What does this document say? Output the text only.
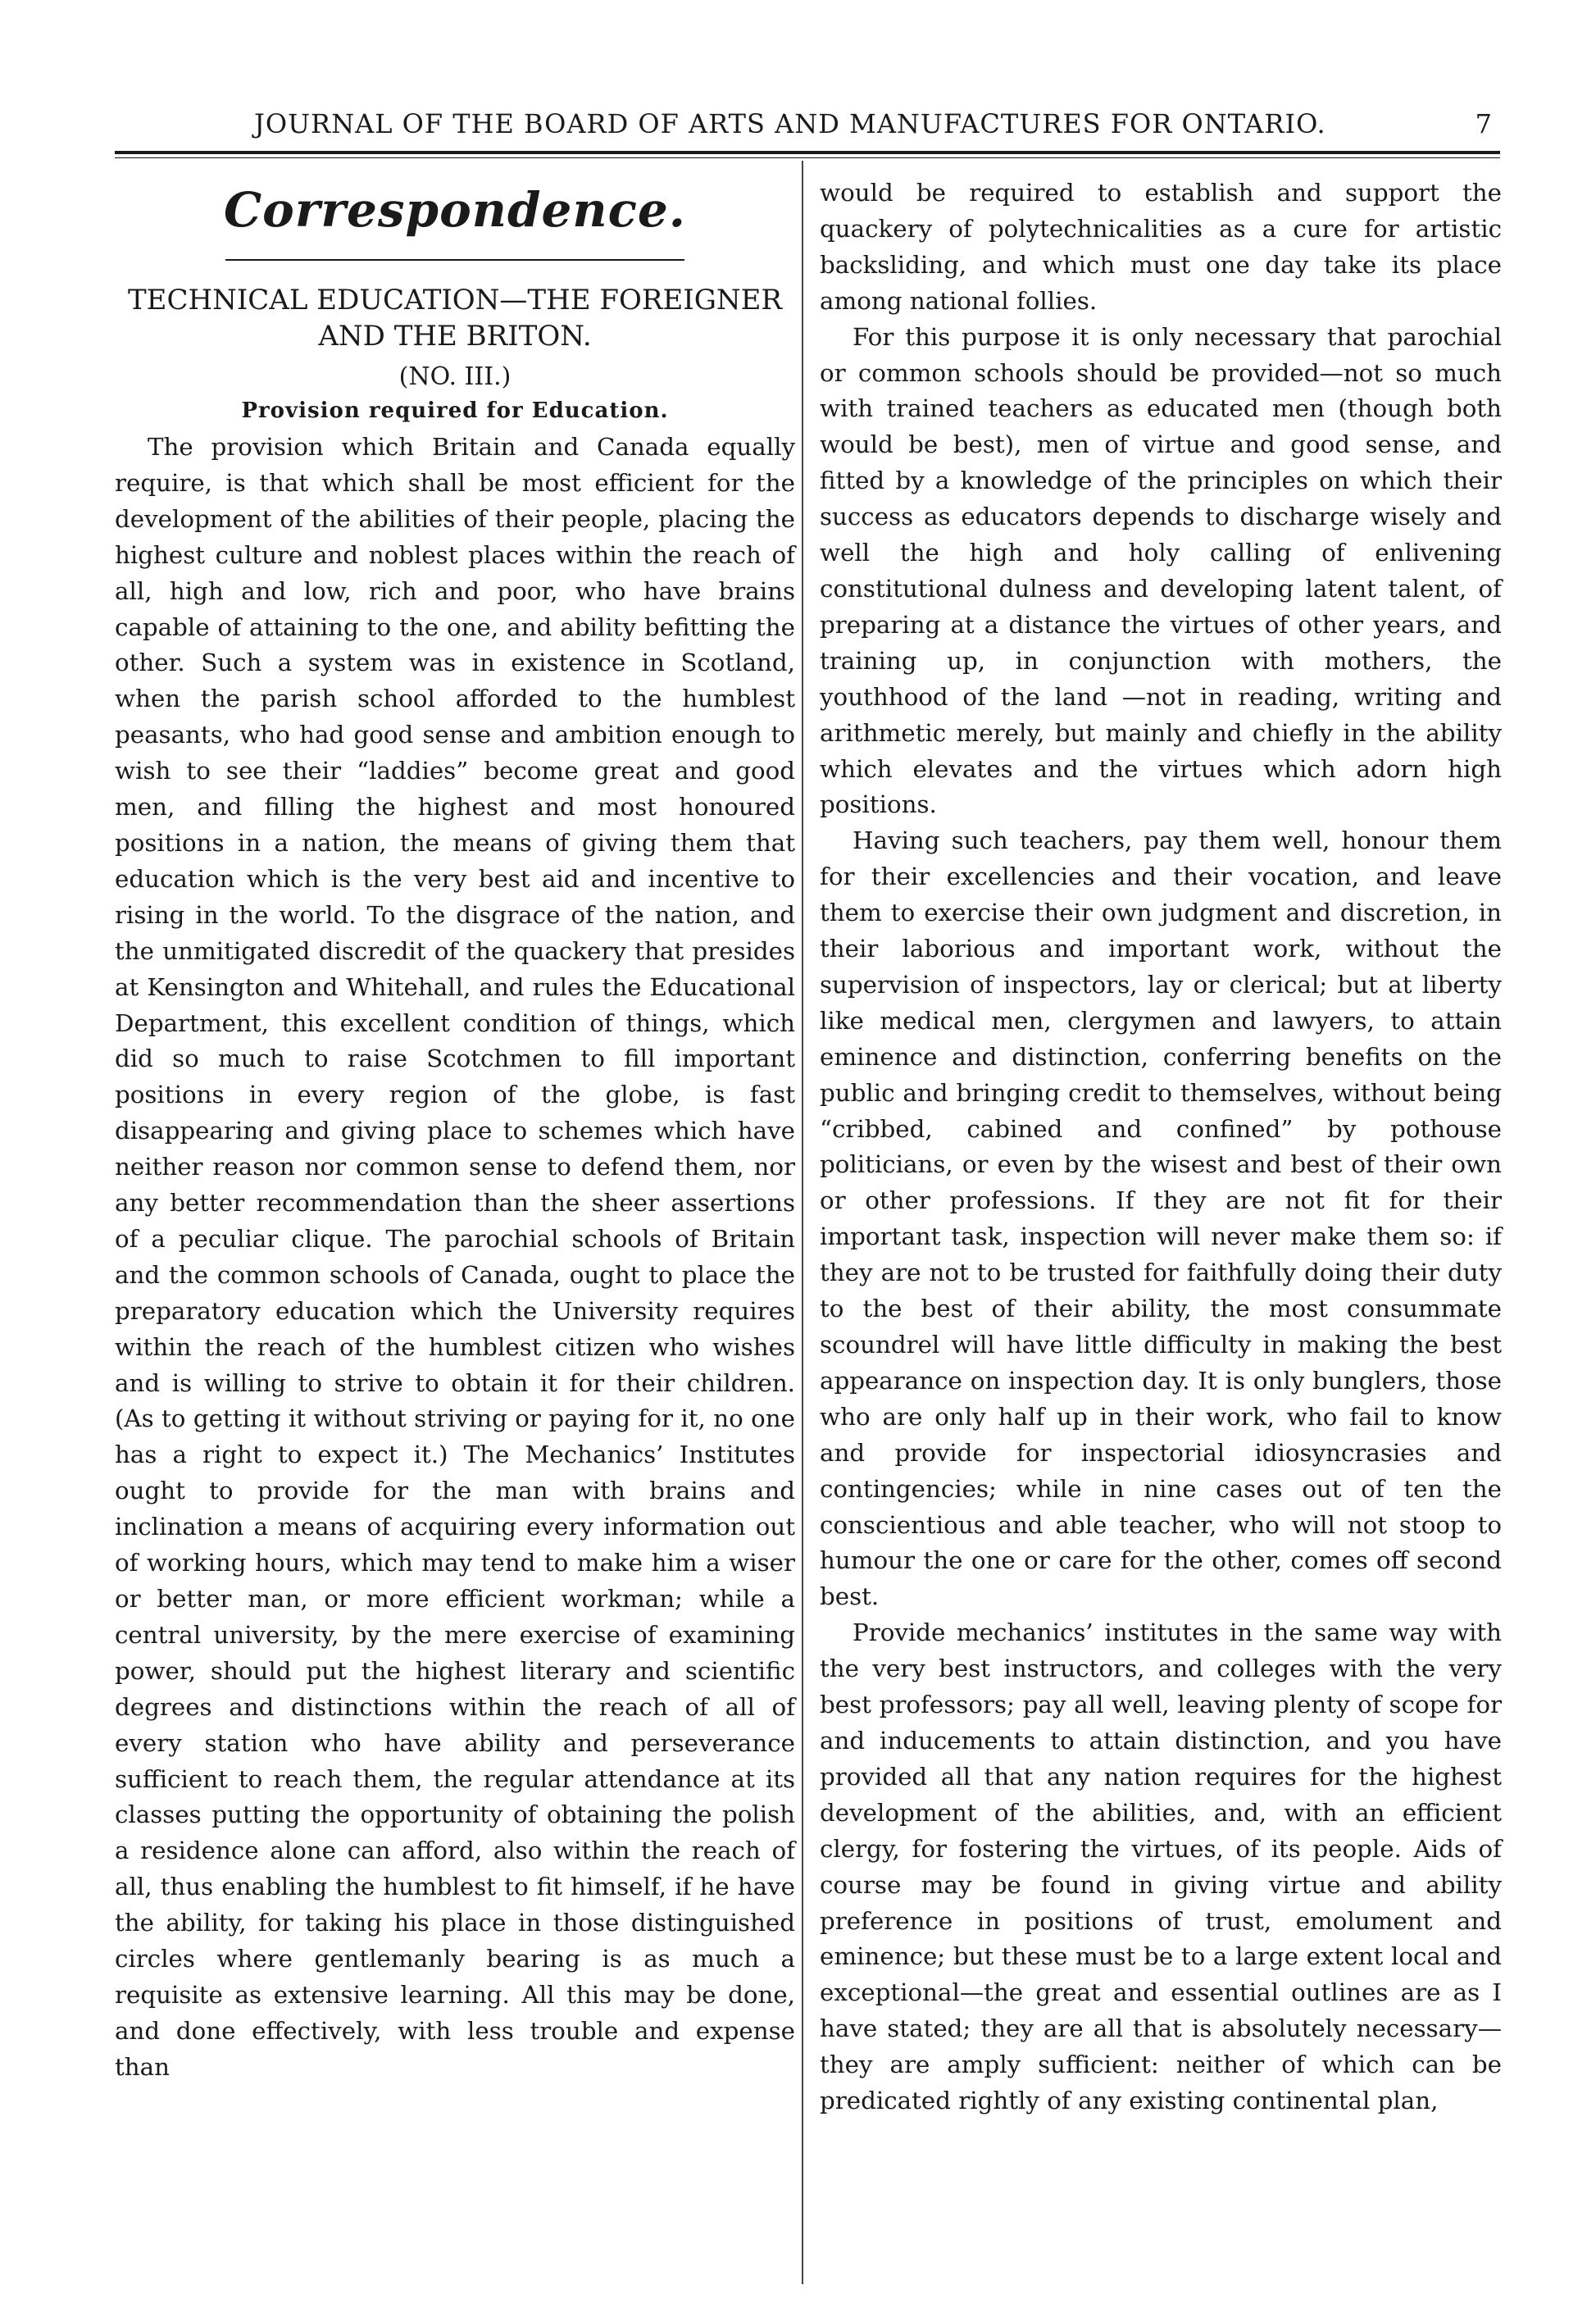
JOURNAL OF THE BOARD OF ARTS AND MANUFACTURES FOR ONTARIO.	7
Correspondence.

TECHNICAL EDUCATION—THE FOREIGNER AND THE BRITON.

(NO. III.)

Provision required for Education.

The provision which Britain and Canada equally require, is that which shall be most efficient for the development of the abilities of their people, placing the highest culture and noblest places within the reach of all, high and low, rich and poor, who have brains capable of attaining to the one, and ability befitting the other. Such a system was in existence in Scotland, when the parish school afforded to the humblest peasants, who had good sense and ambition enough to wish to see their “laddies” become great and good men, and filling the highest and most honoured positions in a nation, the means of giving them that education which is the very best aid and incentive to rising in the world. To the disgrace of the nation, and the unmitigated discredit of the quackery that presides at Kensington and Whitehall, and rules the Educational Department, this excellent condition of things, which did so much to raise Scotchmen to fill important positions in every region of the globe, is fast disappearing and giving place to schemes which have neither reason nor common sense to defend them, nor any better recommendation than the sheer assertions of a peculiar clique. The parochial schools of Britain and the common schools of Canada, ought to place the preparatory education which the University requires within the reach of the humblest citizen who wishes and is willing to strive to obtain it for their children. (As to getting it without striving or paying for it, no one has a right to expect it.) The Mechanics’ Institutes ought to provide for the man with brains and inclination a means of acquiring every information out of working hours, which may tend to make him a wiser or better man, or more efficient workman; while a central university, by the mere exercise of examining power, should put the highest literary and scientific degrees and distinctions within the reach of all of every station who have ability and perseverance sufficient to reach them, the regular attendance at its classes putting the opportunity of obtaining the polish a residence alone can afford, also within the reach of all, thus enabling the humblest to fit himself, if he have the ability, for taking his place in those distinguished circles where gentlemanly bearing is as much a requisite as extensive learning. All this may be done, and done effectively, with less trouble and expense than

would be required to establish and support the quackery of polytechnicalities as a cure for artistic backsliding, and which must one day take its place among national follies.

For this purpose it is only necessary that parochial or common schools should be provided—not so much with trained teachers as educated men (though both would be best), men of virtue and good sense, and fitted by a knowledge of the principles on which their success as educators depends to discharge wisely and well the high and holy calling of enlivening constitutional dulness and developing latent talent, of preparing at a distance the virtues of other years, and training up, in conjunction with mothers, the youthhood of the land —not in reading, writing and arithmetic merely, but mainly and chiefly in the ability which elevates and the virtues which adorn high positions.

Having such teachers, pay them well, honour them for their excellencies and their vocation, and leave them to exercise their own judgment and discretion, in their laborious and important work, without the supervision of inspectors, lay or clerical; but at liberty like medical men, clergymen and lawyers, to attain eminence and distinction, conferring benefits on the public and bringing credit to themselves, without being “cribbed, cabined and confined” by pothouse politicians, or even by the wisest and best of their own or other professions. If they are not fit for their important task, inspection will never make them so: if they are not to be trusted for faithfully doing their duty to the best of their ability, the most consummate scoundrel will have little difficulty in making the best appearance on inspection day. It is only bunglers, those who are only half up in their work, who fail to know and provide for inspectorial idiosyncrasies and contingencies; while in nine cases out of ten the conscientious and able teacher, who will not stoop to humour the one or care for the other, comes off second best.

Provide mechanics’ institutes in the same way with the very best instructors, and colleges with the very best professors; pay all well, leaving plenty of scope for and inducements to attain distinction, and you have provided all that any nation requires for the highest development of the abilities, and, with an efficient clergy, for fostering the virtues, of its people. Aids of course may be found in giving virtue and ability preference in positions of trust, emolument and eminence; but these must be to a large extent local and exceptional—the great and essential outlines are as I have stated; they are all that is absolutely necessary—they are amply sufficient: neither of which can be predicated rightly of any existing continental plan,
